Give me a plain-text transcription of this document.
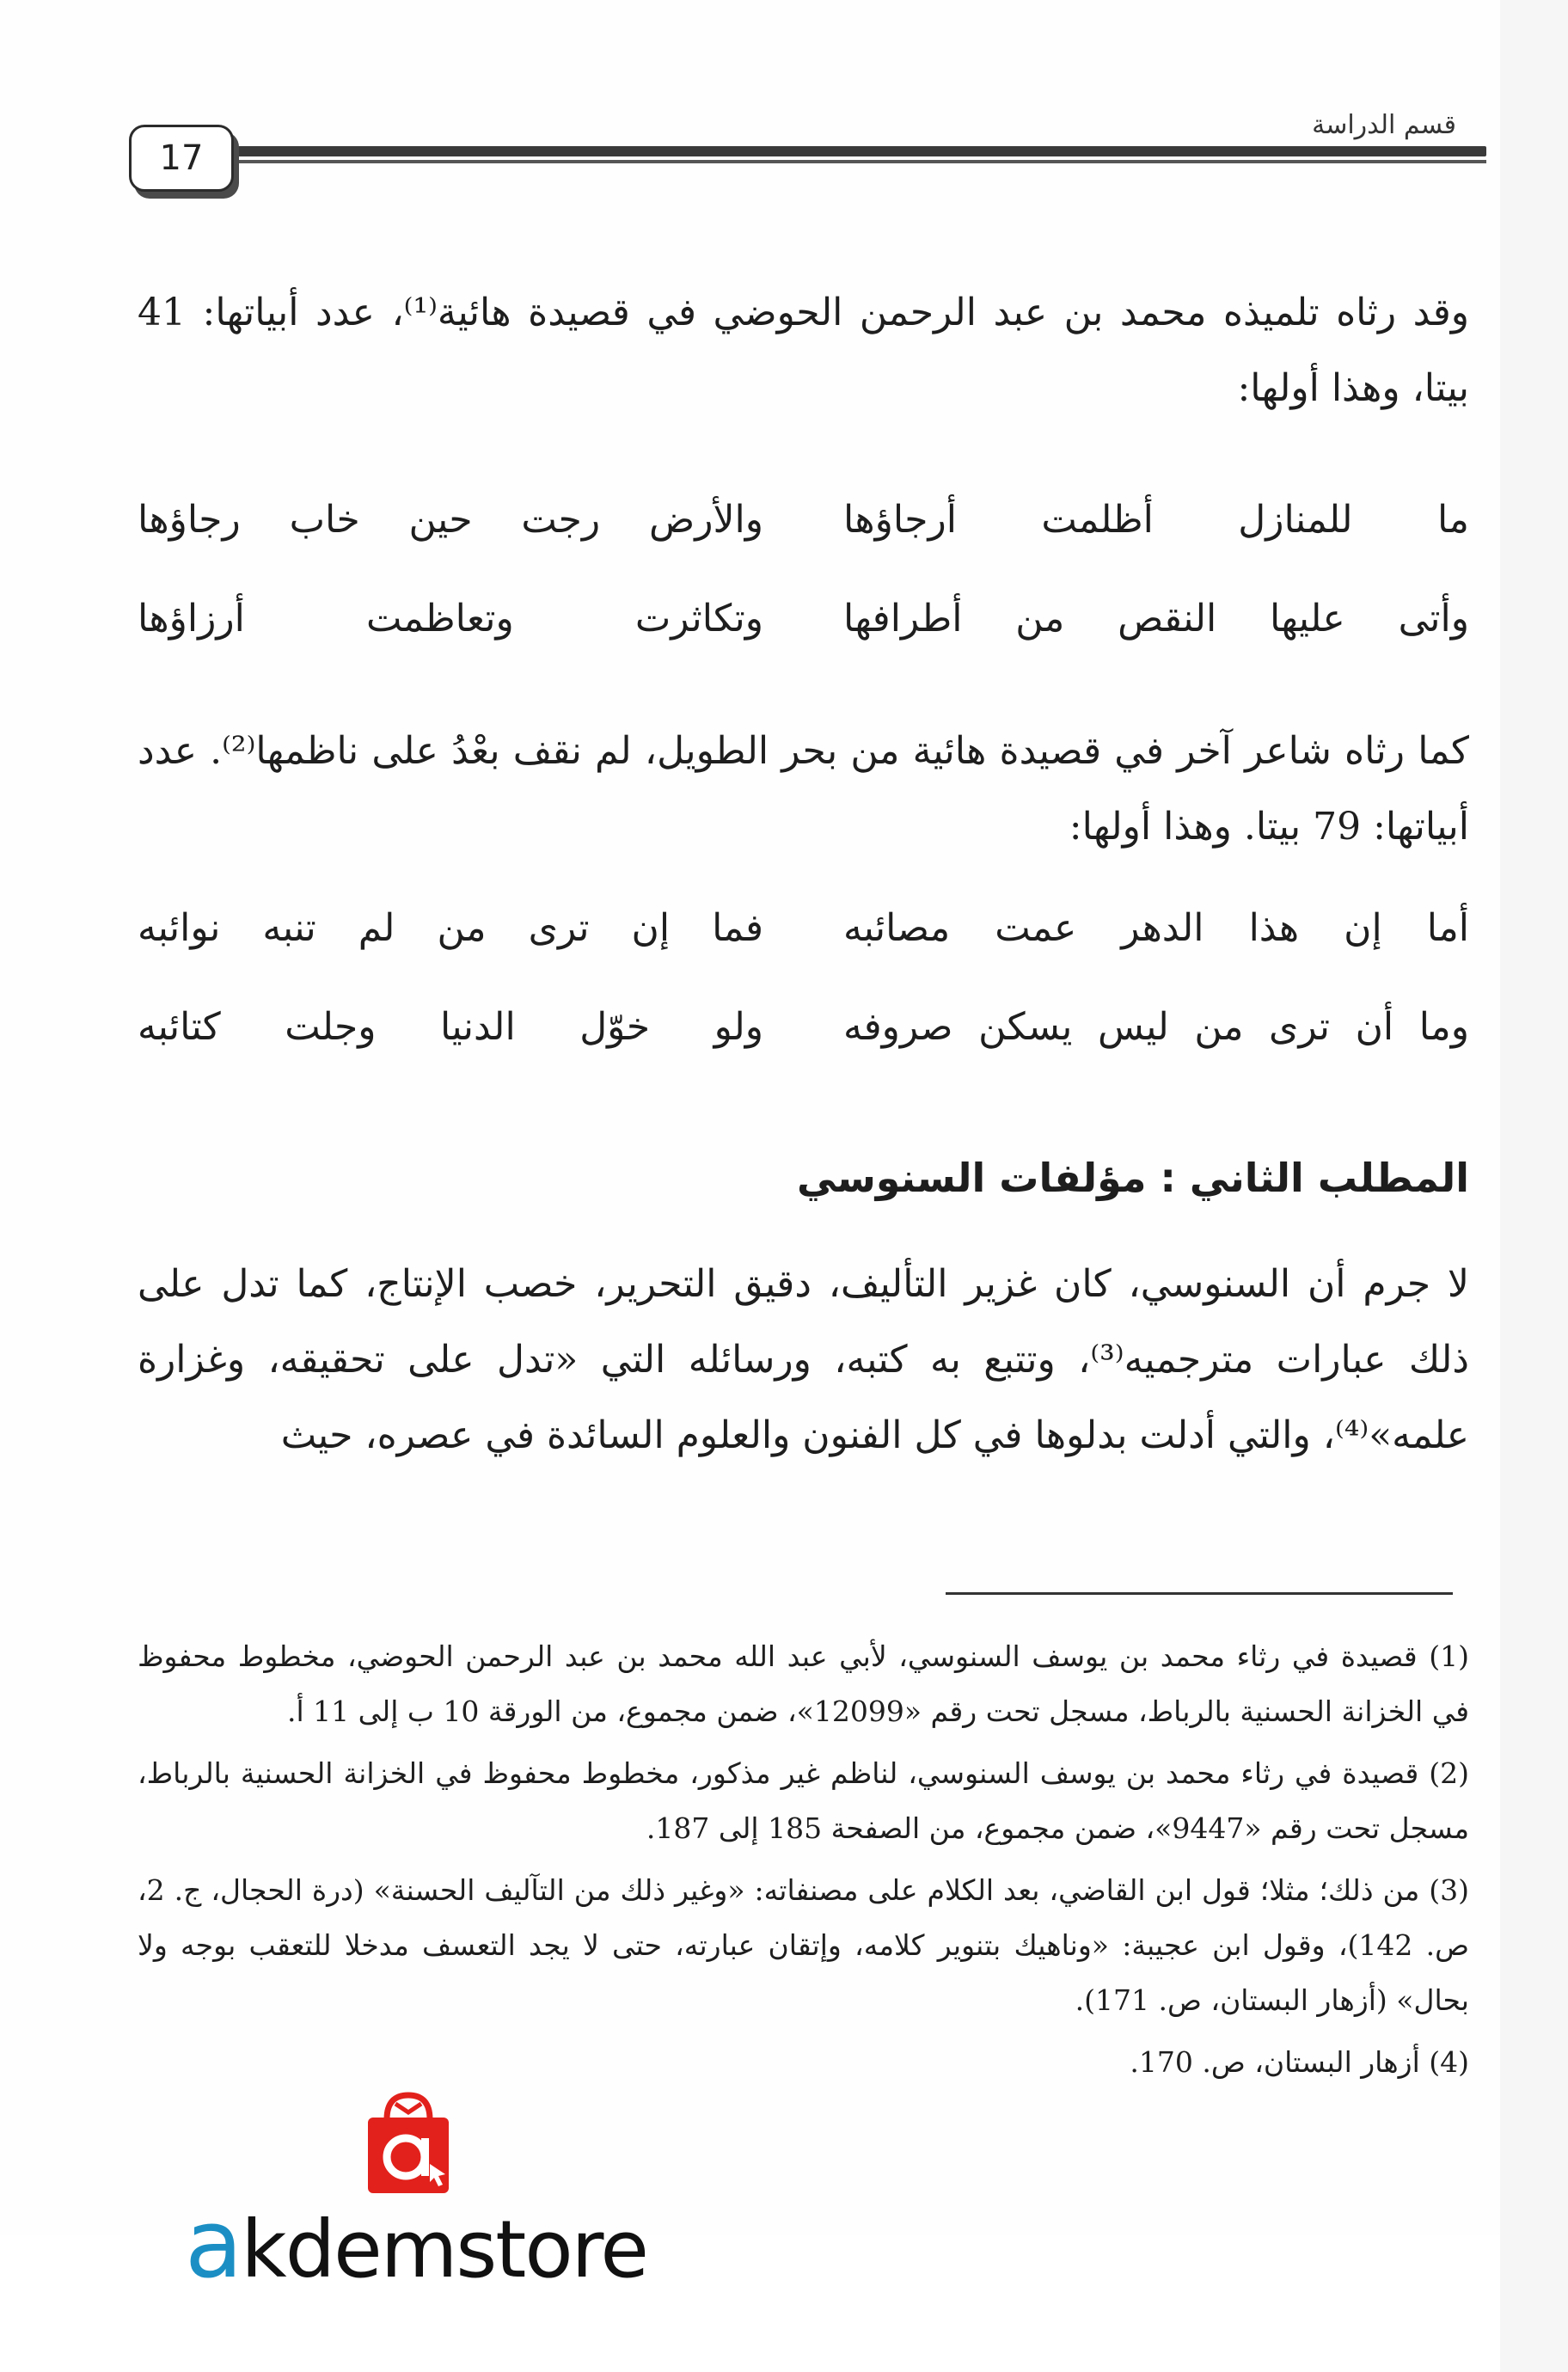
قسم الدراسة
17
وقد رثاه تلميذه محمد بن عبد الرحمن الحوضي في قصيدة هائية⁽¹⁾، عدد أبياتها: 41 بيتا، وهذا أولها:
ما للمنازل أظلمت أرجاؤها
والأرض رجت حين خاب رجاؤها
وأتى عليها النقص من أطرافها
وتكاثرت وتعاظمت أرزاؤها
كما رثاه شاعر آخر في قصيدة هائية من بحر الطويل، لم نقف بعْدُ على ناظمها⁽²⁾. عدد أبياتها: 79 بيتا. وهذا أولها:
أما إن هذا الدهر عمت مصائبه
فما إن ترى من لم تنبه نوائبه
وما أن ترى من ليس يسكن صروفه
ولو خوّل الدنيا وجلت كتائبه
المطلب الثاني : مؤلفات السنوسي
لا جرم أن السنوسي، كان غزير التأليف، دقيق التحرير، خصب الإنتاج، كما تدل على ذلك عبارات مترجميه⁽³⁾، وتتبع به كتبه، ورسائله التي «تدل على تحقيقه، وغزارة علمه»⁽⁴⁾، والتي أدلت بدلوها في كل الفنون والعلوم السائدة في عصره، حيث

(1) قصيدة في رثاء محمد بن يوسف السنوسي، لأبي عبد الله محمد بن عبد الرحمن الحوضي، مخطوط محفوظ في الخزانة الحسنية بالرباط، مسجل تحت رقم «12099»، ضمن مجموع، من الورقة 10 ب إلى 11 أ.

(2) قصيدة في رثاء محمد بن يوسف السنوسي، لناظم غير مذكور، مخطوط محفوظ في الخزانة الحسنية بالرباط، مسجل تحت رقم «9447»، ضمن مجموع، من الصفحة 185 إلى 187.

(3) من ذلك؛ مثلا؛ قول ابن القاضي، بعد الكلام على مصنفاته: «وغير ذلك من التآليف الحسنة» (درة الحجال، ج. 2، ص. 142)، وقول ابن عجيبة: «وناهيك بتنوير كلامه، وإتقان عبارته، حتى لا يجد التعسف مدخلا للتعقب بوجه ولا بحال» (أزهار البستان، ص. 171).

(4) أزهار البستان، ص. 170.

akdemstore
